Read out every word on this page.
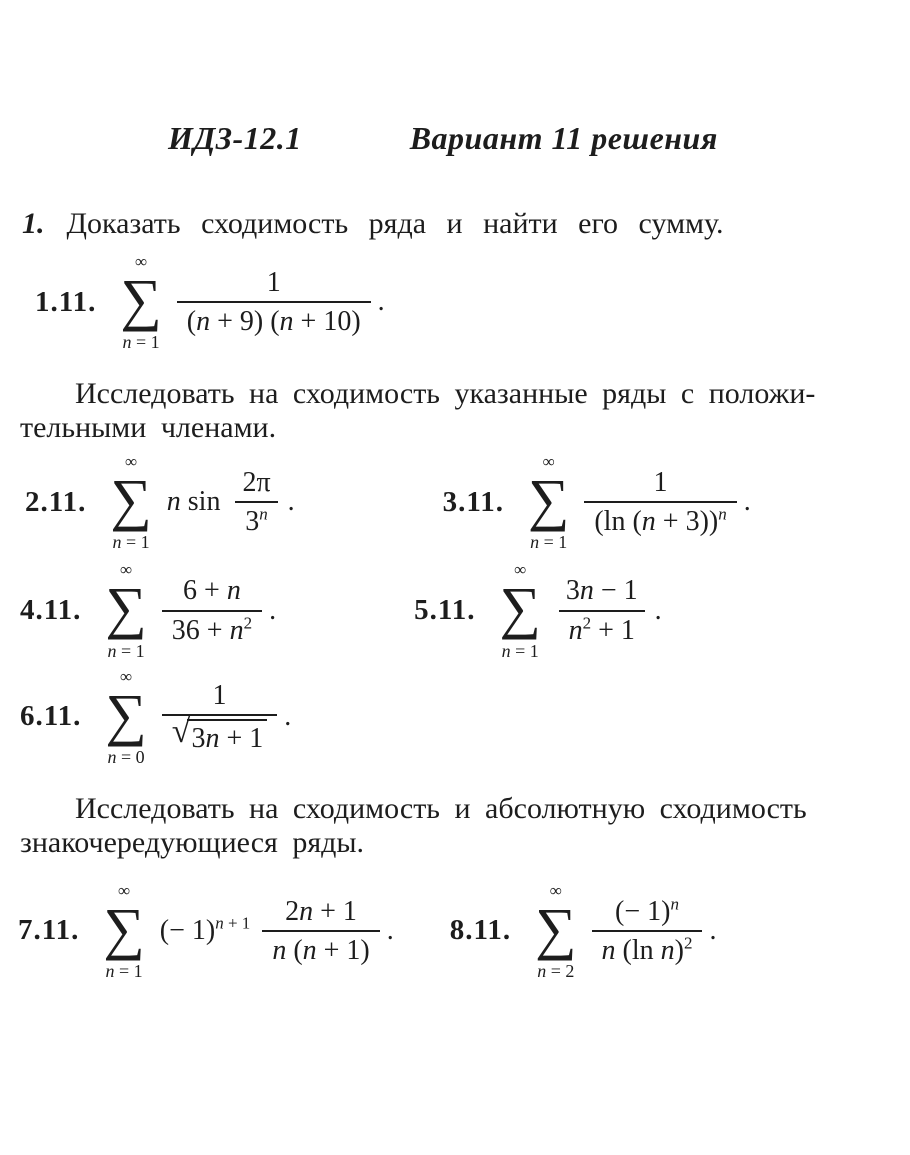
ИДЗ-12.1	Вариант 11 решения
1. Доказать сходимость ряда и найти его сумму.
1.11.
∞
∑
n = 1
$\frac{1}{(n + 9) (n + 10)}$ .
Исследовать на сходимость указанные ряды с положи-
тельными членами.
2.11.
∞
∑
n = 1
n $\sin \frac{2\pi}{3^n}$ .	3.11.
∞
∑
n = 1
$\frac{1}{(\ln (n + 3))^n}$ .
4.11.
∞
∑
n = 1
$\frac{6 + n}{36 + n^2}$ .	5.11.
∞
∑
n = 1
$\frac{3n - 1}{n^2 + 1}$ .
6.11.
∞
∑
n = 0
$\frac{1}{√ 3n + 1}$ .
Исследовать на сходимость и абсолютную сходимость
знакочередующиеся ряды.
7.11.
∞
∑
n = 1
(− $1)^{n + 1} \frac{2n + 1}{n (n + 1)}$ . 8.11.
∞
∑
n = 2
$\frac{(- 1)^n}{n (\ln n)^2}$ .
